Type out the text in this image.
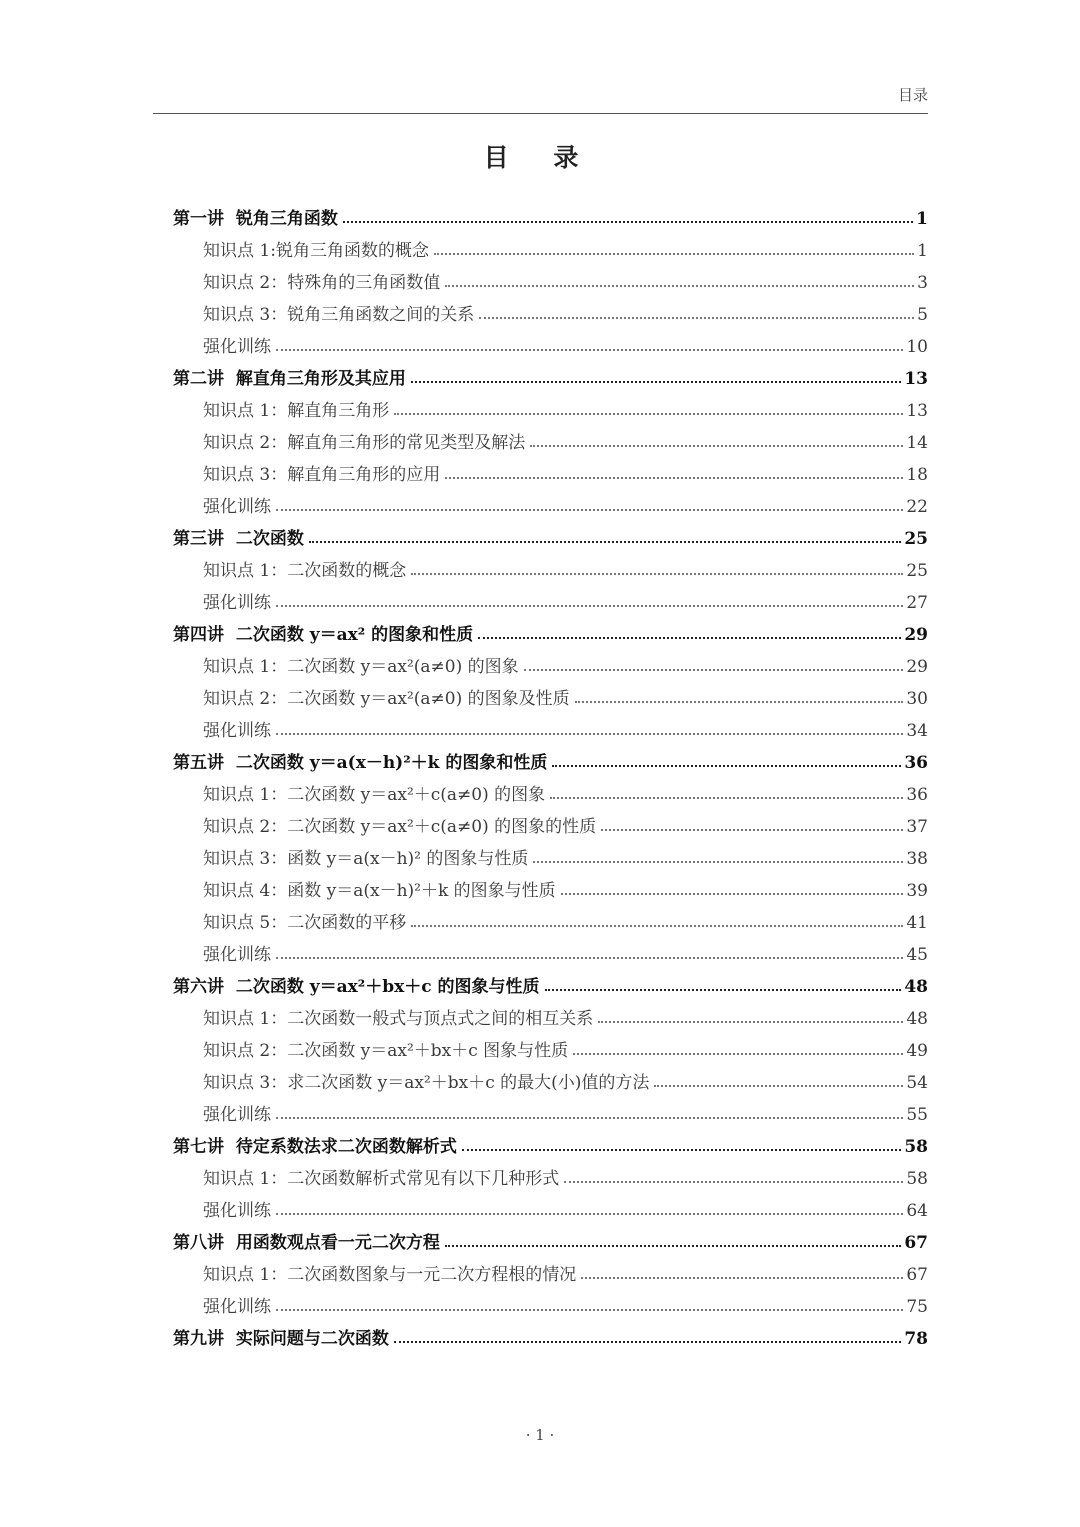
目录
目 录
第一讲 锐角三角函数	1
知识点 1:锐角三角函数的概念	1
知识点 2：特殊角的三角函数值	3
知识点 3：锐角三角函数之间的关系	5
强化训练	10
第二讲  解直角三角形及其应用	13
知识点 1：解直角三角形	13
知识点 2：解直角三角形的常见类型及解法	14
知识点 3：解直角三角形的应用	18
强化训练	22
第三讲  二次函数	25
知识点 1：二次函数的概念	25
强化训练	27
第四讲  二次函数 y＝ax² 的图象和性质	29
知识点 1：二次函数 y＝ax²(a≠0) 的图象	29
知识点 2：二次函数 y＝ax²(a≠0) 的图象及性质	30
强化训练	34
第五讲  二次函数 y＝a(x－h)²＋k 的图象和性质	36
知识点 1：二次函数 y＝ax²＋c(a≠0) 的图象	36
知识点 2：二次函数 y＝ax²＋c(a≠0) 的图象的性质	37
知识点 3：函数 y＝a(x－h)² 的图象与性质	38
知识点 4：函数 y＝a(x－h)²＋k 的图象与性质	39
知识点 5：二次函数的平移	41
强化训练	45
第六讲  二次函数 y＝ax²＋bx＋c 的图象与性质	48
知识点 1：二次函数一般式与顶点式之间的相互关系	48
知识点 2：二次函数 y＝ax²＋bx＋c 图象与性质	49
知识点 3：求二次函数 y＝ax²＋bx＋c 的最大(小)值的方法	54
强化训练	55
第七讲  待定系数法求二次函数解析式	58
知识点 1：二次函数解析式常见有以下几种形式	58
强化训练	64
第八讲  用函数观点看一元二次方程	67
知识点 1：二次函数图象与一元二次方程根的情况	67
强化训练	75
第九讲  实际问题与二次函数	78
· 1 ·
